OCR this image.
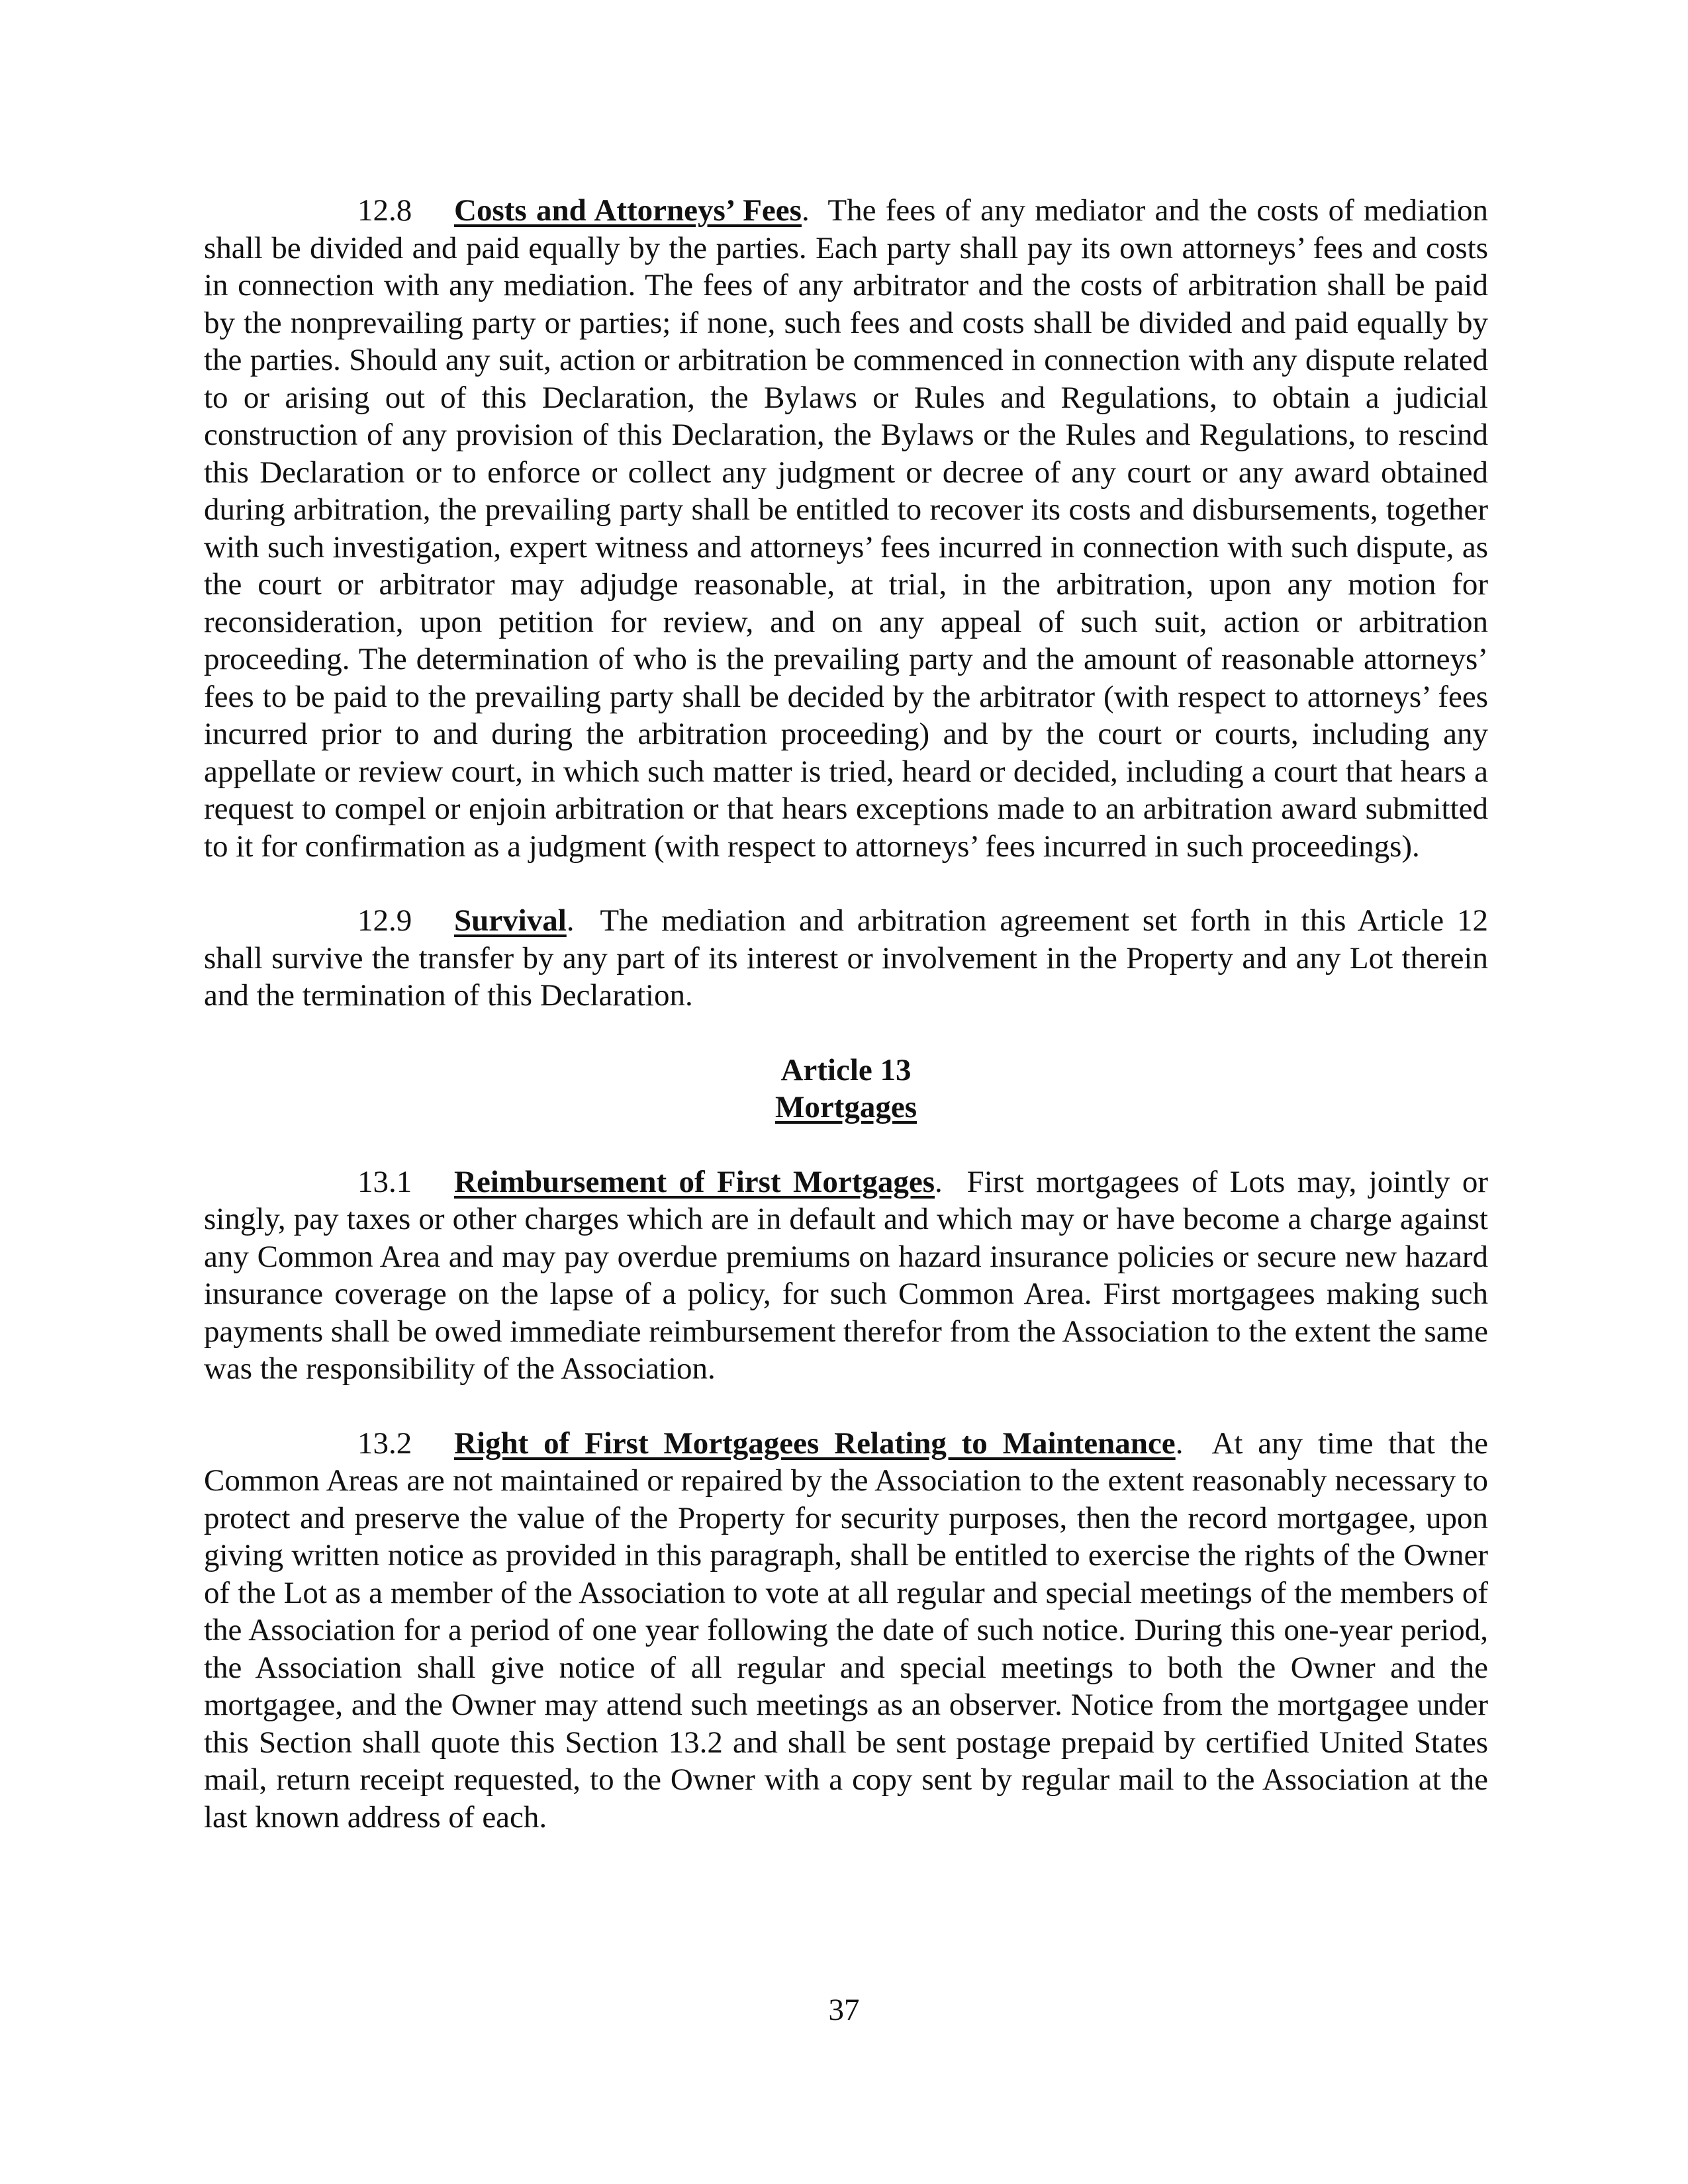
12.8 Costs and Attorneys’ Fees. The fees of any mediator and the costs of mediation shall be divided and paid equally by the parties. Each party shall pay its own attorneys’ fees and costs in connection with any mediation. The fees of any arbitrator and the costs of arbitration shall be paid by the nonprevailing party or parties; if none, such fees and costs shall be divided and paid equally by the parties. Should any suit, action or arbitration be commenced in connection with any dispute related to or arising out of this Declaration, the Bylaws or Rules and Regulations, to obtain a judicial construction of any provision of this Declaration, the Bylaws or the Rules and Regulations, to rescind this Declaration or to enforce or collect any judgment or decree of any court or any award obtained during arbitration, the prevailing party shall be entitled to recover its costs and disbursements, together with such investigation, expert witness and attorneys’ fees incurred in connection with such dispute, as the court or arbitrator may adjudge reasonable, at trial, in the arbitration, upon any motion for reconsideration, upon petition for review, and on any appeal of such suit, action or arbitration proceeding. The determination of who is the prevailing party and the amount of reasonable attorneys’ fees to be paid to the prevailing party shall be decided by the arbitrator (with respect to attorneys’ fees incurred prior to and during the arbitration proceeding) and by the court or courts, including any appellate or review court, in which such matter is tried, heard or decided, including a court that hears a request to compel or enjoin arbitration or that hears exceptions made to an arbitration award submitted to it for confirmation as a judgment (with respect to attorneys’ fees incurred in such proceedings).

12.9 Survival. The mediation and arbitration agreement set forth in this Article 12 shall survive the transfer by any part of its interest or involvement in the Property and any Lot therein and the termination of this Declaration.

Article 13
Mortgages

13.1 Reimbursement of First Mortgages. First mortgagees of Lots may, jointly or singly, pay taxes or other charges which are in default and which may or have become a charge against any Common Area and may pay overdue premiums on hazard insurance policies or secure new hazard insurance coverage on the lapse of a policy, for such Common Area. First mortgagees making such payments shall be owed immediate reimbursement therefor from the Association to the extent the same was the responsibility of the Association.

13.2 Right of First Mortgagees Relating to Maintenance. At any time that the Common Areas are not maintained or repaired by the Association to the extent reasonably necessary to protect and preserve the value of the Property for security purposes, then the record mortgagee, upon giving written notice as provided in this paragraph, shall be entitled to exercise the rights of the Owner of the Lot as a member of the Association to vote at all regular and special meetings of the members of the Association for a period of one year following the date of such notice. During this one-year period, the Association shall give notice of all regular and special meetings to both the Owner and the mortgagee, and the Owner may attend such meetings as an observer. Notice from the mortgagee under this Section shall quote this Section 13.2 and shall be sent postage prepaid by certified United States mail, return receipt requested, to the Owner with a copy sent by regular mail to the Association at the last known address of each.

37
